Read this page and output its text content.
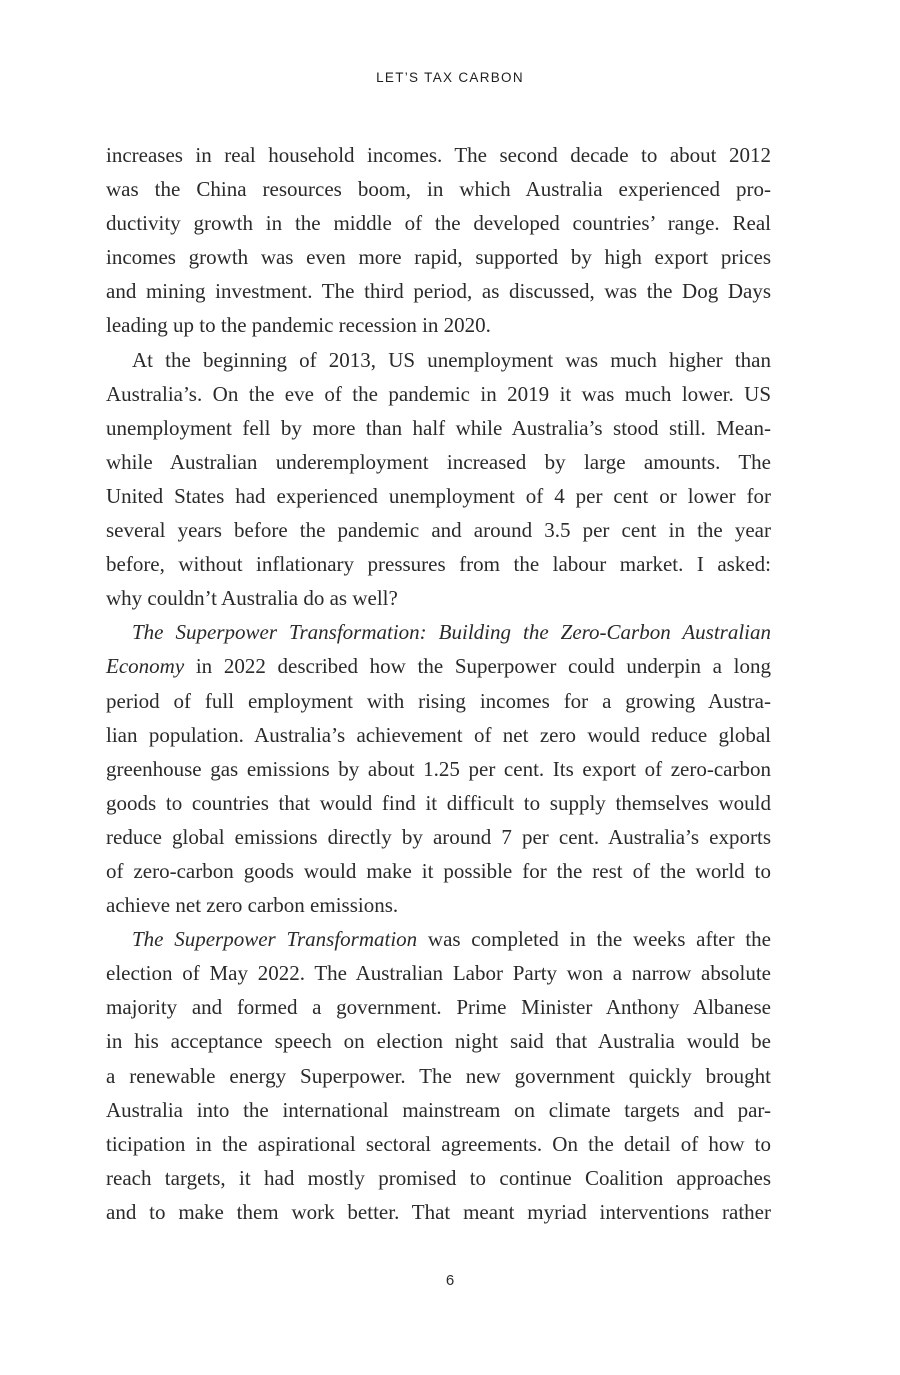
LET’S TAX CARBON
increases in real household incomes. The second decade to about 2012
was the China resources boom, in which Australia experienced pro-
ductivity growth in the middle of the developed countries’ range. Real
incomes growth was even more rapid, supported by high export prices
and mining investment. The third period, as discussed, was the Dog Days
leading up to the pandemic recession in 2020.
At the beginning of 2013, US unemployment was much higher than
Australia’s. On the eve of the pandemic in 2019 it was much lower. US
unemployment fell by more than half while Australia’s stood still. Mean-
while Australian underemployment increased by large amounts. The
United States had experienced unemployment of 4 per cent or lower for
several years before the pandemic and around 3.5 per cent in the year
before, without inflationary pressures from the labour market. I asked:
why couldn’t Australia do as well?
The Superpower Transformation: Building the Zero-Carbon Australian
Economy in 2022 described how the Superpower could underpin a long
period of full employment with rising incomes for a growing Austra-
lian population. Australia’s achievement of net zero would reduce global
greenhouse gas emissions by about 1.25 per cent. Its export of zero-carbon
goods to countries that would find it difficult to supply themselves would
reduce global emissions directly by around 7 per cent. Australia’s exports
of zero-carbon goods would make it possible for the rest of the world to
achieve net zero carbon emissions.
The Superpower Transformation was completed in the weeks after the
election of May 2022. The Australian Labor Party won a narrow absolute
majority and formed a government. Prime Minister Anthony Albanese
in his acceptance speech on election night said that Australia would be
a renewable energy Superpower. The new government quickly brought
Australia into the international mainstream on climate targets and par-
ticipation in the aspirational sectoral agreements. On the detail of how to
reach targets, it had mostly promised to continue Coalition approaches
and to make them work better. That meant myriad interventions rather
6
